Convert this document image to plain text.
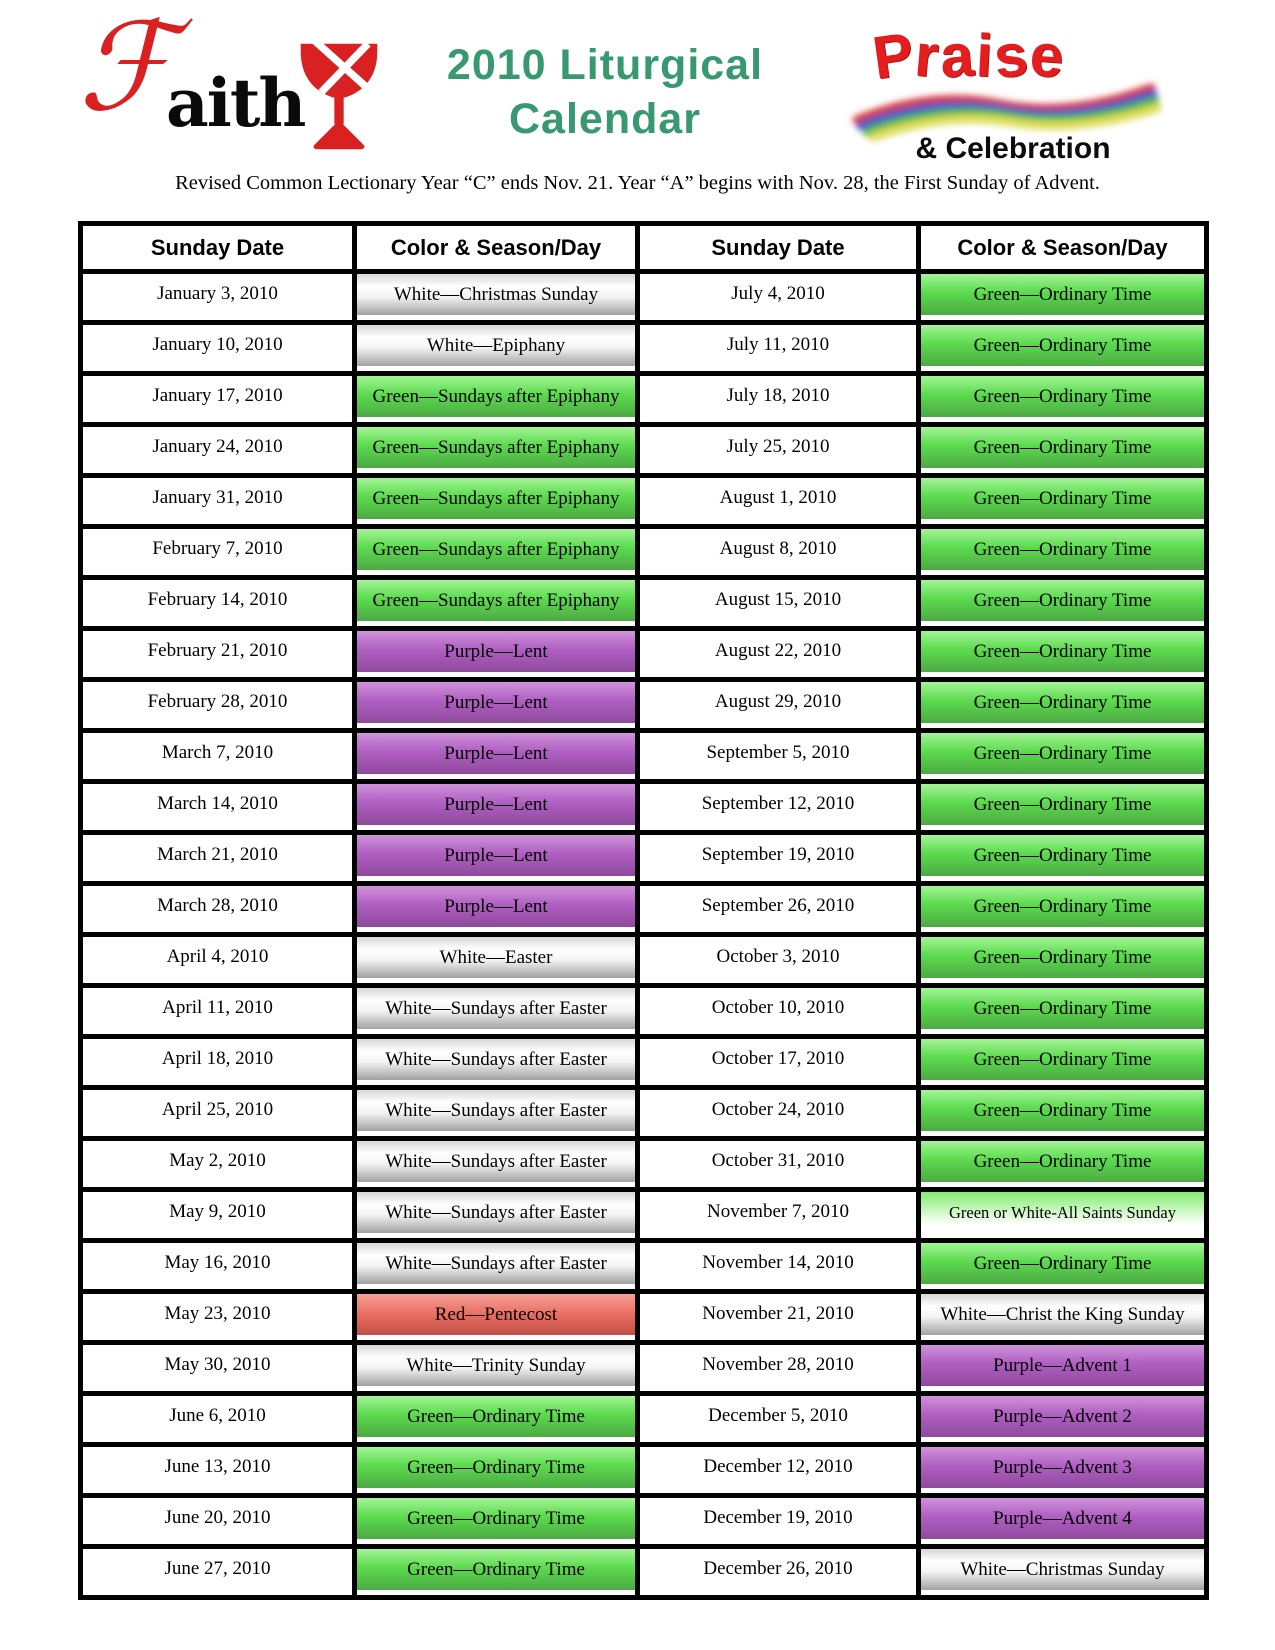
ℱ
aith	2010 Liturgical
Calendar
Praise
& Celebration
Revised Common Lectionary Year “C” ends Nov. 21. Year “A” begins with Nov. 28, the First Sunday of Advent.
Sunday Date	Color & Season/Day	Sunday Date	Color & Season/Day
January 3, 2010	White—Christmas Sunday	July 4, 2010	Green—Ordinary Time

January 10, 2010	White—Epiphany	July 11, 2010	Green—Ordinary Time

January 17, 2010	Green—Sundays after Epiphany	July 18, 2010	Green—Ordinary Time

January 24, 2010	Green—Sundays after Epiphany	July 25, 2010	Green—Ordinary Time

January 31, 2010	Green—Sundays after Epiphany	August 1, 2010	Green—Ordinary Time

February 7, 2010	Green—Sundays after Epiphany	August 8, 2010	Green—Ordinary Time

February 14, 2010	Green—Sundays after Epiphany	August 15, 2010	Green—Ordinary Time

February 21, 2010	Purple—Lent	August 22, 2010	Green—Ordinary Time

February 28, 2010	Purple—Lent	August 29, 2010	Green—Ordinary Time

March 7, 2010	Purple—Lent	September 5, 2010	Green—Ordinary Time

March 14, 2010	Purple—Lent	September 12, 2010	Green—Ordinary Time

March 21, 2010	Purple—Lent	September 19, 2010	Green—Ordinary Time

March 28, 2010	Purple—Lent	September 26, 2010	Green—Ordinary Time

April 4, 2010	White—Easter	October 3, 2010	Green—Ordinary Time

April 11, 2010	White—Sundays after Easter	October 10, 2010	Green—Ordinary Time

April 18, 2010	White—Sundays after Easter	October 17, 2010	Green—Ordinary Time

April 25, 2010	White—Sundays after Easter	October 24, 2010	Green—Ordinary Time

May 2, 2010	White—Sundays after Easter	October 31, 2010	Green—Ordinary Time

May 9, 2010	White—Sundays after Easter	November 7, 2010	Green or White-All Saints Sunday

May 16, 2010	White—Sundays after Easter	November 14, 2010	Green—Ordinary Time

May 23, 2010	Red—Pentecost	November 21, 2010	White—Christ the King Sunday

May 30, 2010	White—Trinity Sunday	November 28, 2010	Purple—Advent 1

June 6, 2010	Green—Ordinary Time	December 5, 2010	Purple—Advent 2

June 13, 2010	Green—Ordinary Time	December 12, 2010	Purple—Advent 3

June 20, 2010	Green—Ordinary Time	December 19, 2010	Purple—Advent 4

June 27, 2010	Green—Ordinary Time	December 26, 2010	White—Christmas Sunday
